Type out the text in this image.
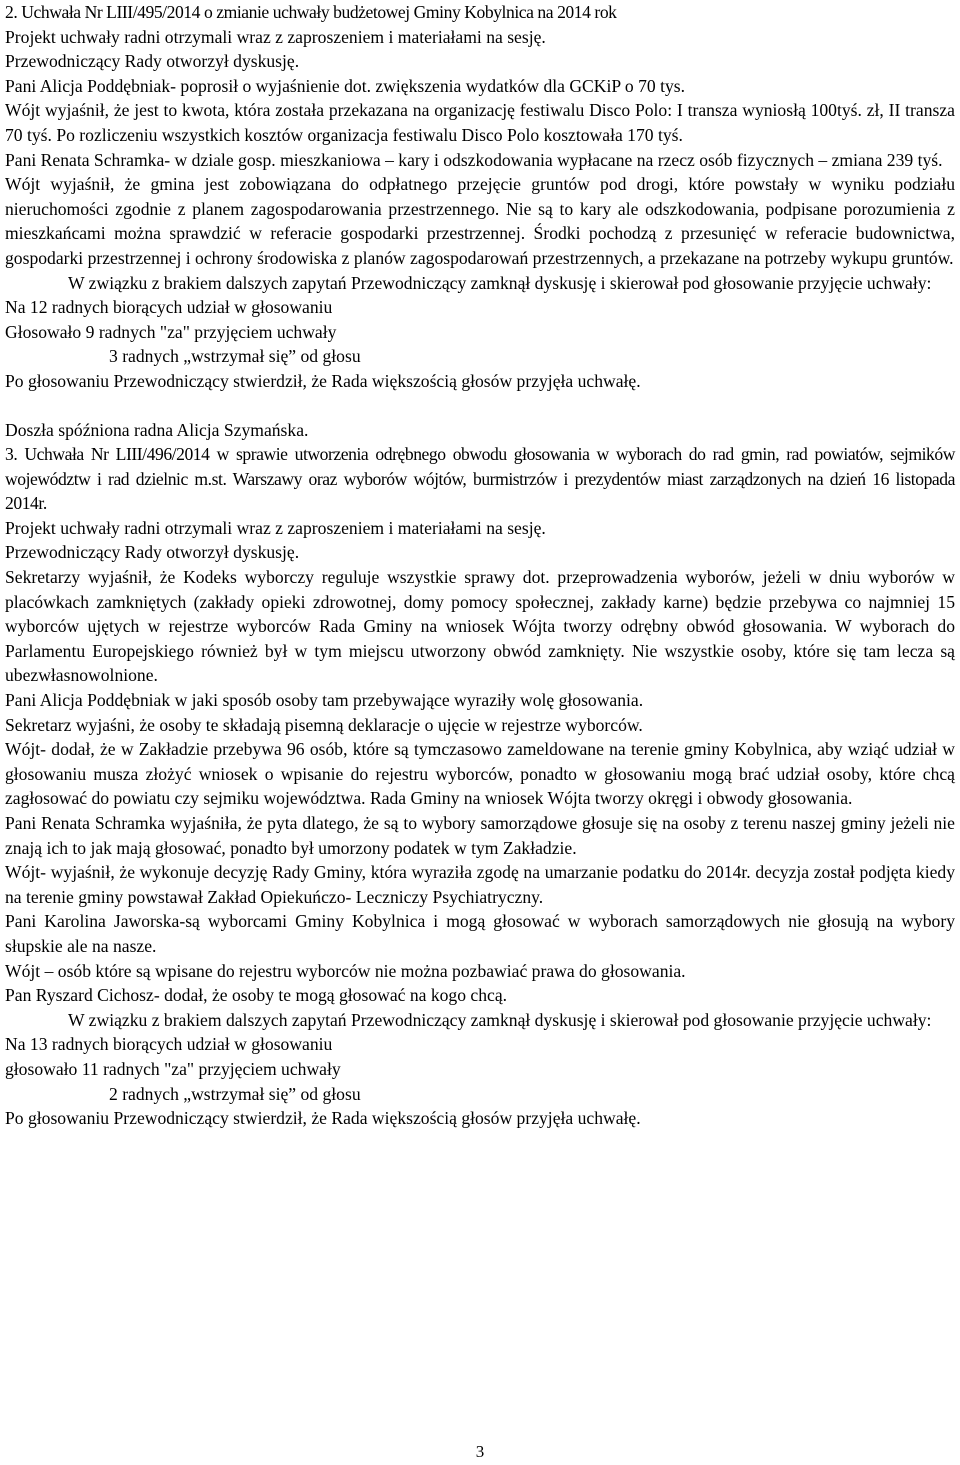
2. Uchwała Nr LIII/495/2014 o zmianie uchwały budżetowej Gminy Kobylnica na 2014 rok

Projekt uchwały radni otrzymali wraz z zaproszeniem i materiałami na sesję.

Przewodniczący Rady otworzył dyskusję.

Pani Alicja Poddębniak- poprosił o wyjaśnienie dot. zwiększenia wydatków dla GCKiP o 70 tys.

Wójt wyjaśnił, że jest to kwota, która została przekazana na organizację festiwalu Disco Polo: I transza wyniosłą 100tyś. zł, II transza 70 tyś. Po rozliczeniu wszystkich kosztów organizacja festiwalu Disco Polo kosztowała 170 tyś.

Pani Renata Schramka- w dziale gosp. mieszkaniowa – kary i odszkodowania wypłacane na rzecz osób fizycznych – zmiana 239 tyś.

Wójt wyjaśnił, że gmina jest zobowiązana do odpłatnego przejęcie gruntów pod drogi, które powstały w wyniku podziału nieruchomości zgodnie z planem zagospodarowania przestrzennego. Nie są to kary ale odszkodowania, podpisane porozumienia z mieszkańcami można sprawdzić w referacie gospodarki przestrzennej. Środki pochodzą z przesunięć w referacie budownictwa, gospodarki przestrzennej i ochrony środowiska z planów zagospodarowań przestrzennych, a przekazane na potrzeby wykupu gruntów.

W związku z brakiem dalszych zapytań Przewodniczący zamknął dyskusję i skierował pod głosowanie przyjęcie uchwały:

Na 12 radnych biorących udział w głosowaniu

Głosowało 9 radnych "za" przyjęciem uchwały

3 radnych „wstrzymał się” od głosu

Po głosowaniu Przewodniczący stwierdził, że Rada większością głosów przyjęła uchwałę.

Doszła spóźniona radna Alicja Szymańska.

3. Uchwała Nr LIII/496/2014 w sprawie utworzenia odrębnego obwodu głosowania w wyborach do rad gmin, rad powiatów, sejmików województw i rad dzielnic m.st. Warszawy oraz wyborów wójtów, burmistrzów i prezydentów miast zarządzonych na dzień 16 listopada 2014r.

Projekt uchwały radni otrzymali wraz z zaproszeniem i materiałami na sesję.

Przewodniczący Rady otworzył dyskusję.

Sekretarzy wyjaśnił, że Kodeks wyborczy reguluje wszystkie sprawy dot. przeprowadzenia wyborów, jeżeli w dniu wyborów w placówkach zamkniętych (zakłady opieki zdrowotnej, domy pomocy społecznej, zakłady karne) będzie przebywa co najmniej 15 wyborców ujętych w rejestrze wyborców Rada Gminy na wniosek Wójta tworzy odrębny obwód głosowania. W wyborach do Parlamentu Europejskiego również był w tym miejscu utworzony obwód zamknięty. Nie wszystkie osoby, które się tam lecza są ubezwłasnowolnione.

Pani Alicja Poddębniak w jaki sposób osoby tam przebywające wyraziły wolę głosowania.

Sekretarz wyjaśni, że osoby te składają pisemną deklaracje o ujęcie w rejestrze wyborców.

Wójt- dodał, że w Zakładzie przebywa 96 osób, które są tymczasowo zameldowane na terenie gminy Kobylnica, aby wziąć udział w głosowaniu musza złożyć wniosek o wpisanie do rejestru wyborców, ponadto w głosowaniu mogą brać udział osoby, które chcą zagłosować do powiatu czy sejmiku województwa. Rada Gminy na wniosek Wójta tworzy okręgi i obwody głosowania.

Pani Renata Schramka wyjaśniła, że pyta dlatego, że są to wybory samorządowe głosuje się na osoby z terenu naszej gminy jeżeli nie znają ich to jak mają głosować, ponadto był umorzony podatek w tym Zakładzie.

Wójt- wyjaśnił, że wykonuje decyzję Rady Gminy, która wyraziła zgodę na umarzanie podatku do 2014r. decyzja został podjęta kiedy na terenie gminy powstawał Zakład Opiekuńczo- Leczniczy Psychiatryczny.

Pani Karolina Jaworska-są wyborcami Gminy Kobylnica i mogą głosować w wyborach samorządowych nie głosują na wybory słupskie ale na nasze.

Wójt – osób które są wpisane do rejestru wyborców nie można pozbawiać prawa do głosowania.

Pan Ryszard Cichosz- dodał, że osoby te mogą głosować na kogo chcą.

W związku z brakiem dalszych zapytań Przewodniczący zamknął dyskusję i skierował pod głosowanie przyjęcie uchwały:

Na 13 radnych biorących udział w głosowaniu

głosowało 11 radnych "za" przyjęciem uchwały

2 radnych „wstrzymał się” od głosu

Po głosowaniu Przewodniczący stwierdził, że Rada większością głosów przyjęła uchwałę.

3
